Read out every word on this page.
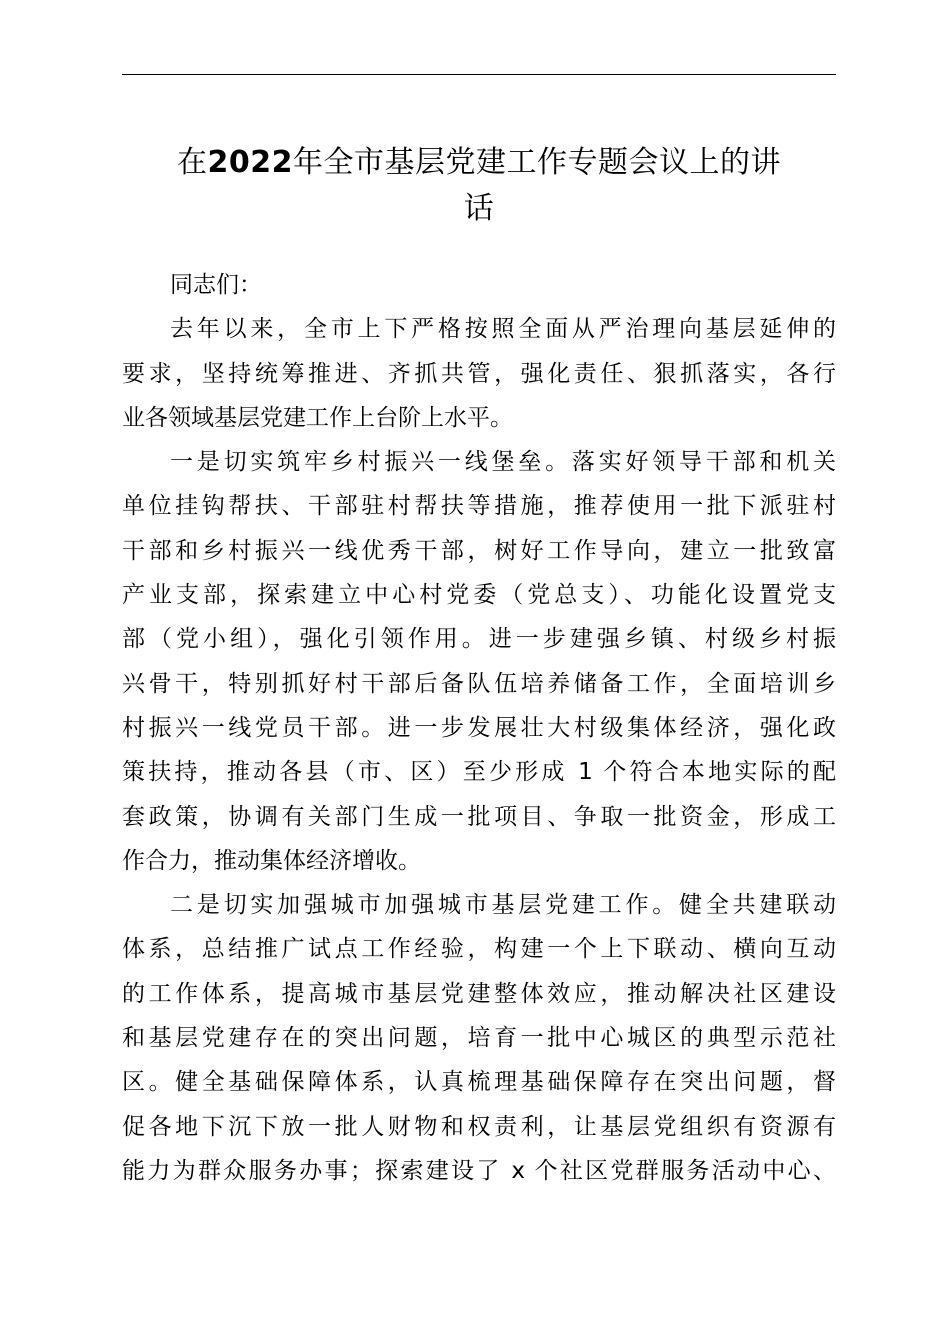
在2022年全市基层党建工作专题会议上的讲
话
同志们：
去年以来，全市上下严格按照全面从严治理向基层延伸的
要求，坚持统筹推进、齐抓共管，强化责任、狠抓落实，各行
业各领域基层党建工作上台阶上水平。
一是切实筑牢乡村振兴一线堡垒。落实好领导干部和机关
单位挂钩帮扶、干部驻村帮扶等措施，推荐使用一批下派驻村
干部和乡村振兴一线优秀干部，树好工作导向，建立一批致富
产业支部，探索建立中心村党委（党总支）、功能化设置党支
部（党小组），强化引领作用。进一步建强乡镇、村级乡村振
兴骨干，特别抓好村干部后备队伍培养储备工作，全面培训乡
村振兴一线党员干部。进一步发展壮大村级集体经济，强化政
策扶持，推动各县（市、区）至少形成 1 个符合本地实际的配
套政策，协调有关部门生成一批项目、争取一批资金，形成工
作合力，推动集体经济增收。
二是切实加强城市加强城市基层党建工作。健全共建联动
体系，总结推广试点工作经验，构建一个上下联动、横向互动
的工作体系，提高城市基层党建整体效应，推动解决社区建设
和基层党建存在的突出问题，培育一批中心城区的典型示范社
区。健全基础保障体系，认真梳理基础保障存在突出问题，督
促各地下沉下放一批人财物和权责利，让基层党组织有资源有
能力为群众服务办事；探索建设了 x 个社区党群服务活动中心、
